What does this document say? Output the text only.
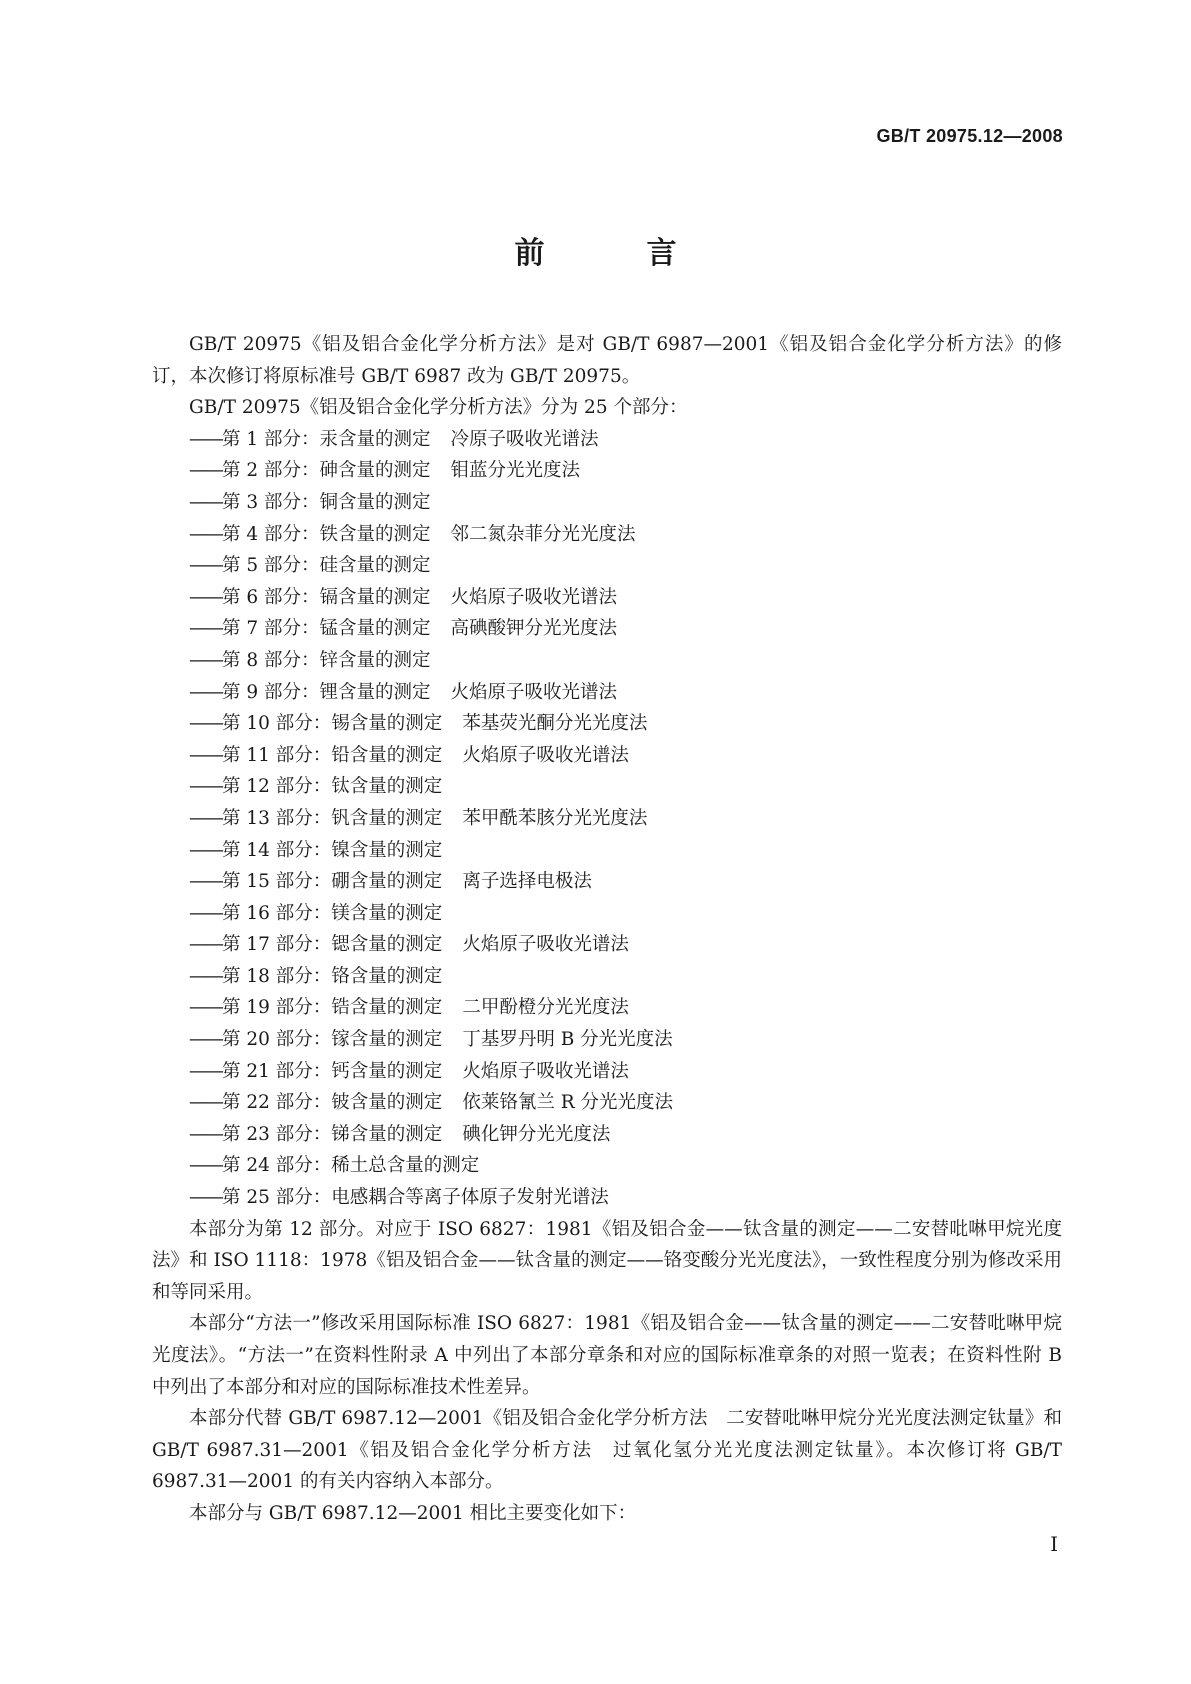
GB/T 20975.12—2008
前　言

GB/T 20975《铝及铝合金化学分析方法》是对 GB/T 6987—2001《铝及铝合金化学分析方法》的修订，本次修订将原标准号 GB/T 6987 改为 GB/T 20975。

GB/T 20975《铝及铝合金化学分析方法》分为 25 个部分：

——第 1 部分：汞含量的测定 冷原子吸收光谱法
——第 2 部分：砷含量的测定 钼蓝分光光度法
——第 3 部分：铜含量的测定
——第 4 部分：铁含量的测定 邻二氮杂菲分光光度法
——第 5 部分：硅含量的测定
——第 6 部分：镉含量的测定 火焰原子吸收光谱法
——第 7 部分：锰含量的测定 高碘酸钾分光光度法
——第 8 部分：锌含量的测定
——第 9 部分：锂含量的测定 火焰原子吸收光谱法
——第 10 部分：锡含量的测定 苯基荧光酮分光光度法
——第 11 部分：铅含量的测定 火焰原子吸收光谱法
——第 12 部分：钛含量的测定
——第 13 部分：钒含量的测定 苯甲酰苯胲分光光度法
——第 14 部分：镍含量的测定
——第 15 部分：硼含量的测定 离子选择电极法
——第 16 部分：镁含量的测定
——第 17 部分：锶含量的测定 火焰原子吸收光谱法
——第 18 部分：铬含量的测定
——第 19 部分：锆含量的测定 二甲酚橙分光光度法
——第 20 部分：镓含量的测定 丁基罗丹明 B 分光光度法
——第 21 部分：钙含量的测定 火焰原子吸收光谱法
——第 22 部分：铍含量的测定 依莱铬氰兰 R 分光光度法
——第 23 部分：锑含量的测定 碘化钾分光光度法
——第 24 部分：稀土总含量的测定
——第 25 部分：电感耦合等离子体原子发射光谱法

本部分为第 12 部分。对应于 ISO 6827：1981《铝及铝合金——钛含量的测定——二安替吡啉甲烷光度法》和 ISO 1118：1978《铝及铝合金——钛含量的测定——铬变酸分光光度法》，一致性程度分别为修改采用和等同采用。

本部分“方法一”修改采用国际标准 ISO 6827：1981《铝及铝合金——钛含量的测定——二安替吡啉甲烷光度法》。“方法一”在资料性附录 A 中列出了本部分章条和对应的国际标准章条的对照一览表；在资料性附 B 中列出了本部分和对应的国际标准技术性差异。

本部分代替 GB/T 6987.12—2001《铝及铝合金化学分析方法　二安替吡啉甲烷分光光度法测定钛量》和 GB/T 6987.31—2001《铝及铝合金化学分析方法　过氧化氢分光光度法测定钛量》。本次修订将 GB/T 6987.31—2001 的有关内容纳入本部分。

本部分与 GB/T 6987.12—2001 相比主要变化如下：

I
